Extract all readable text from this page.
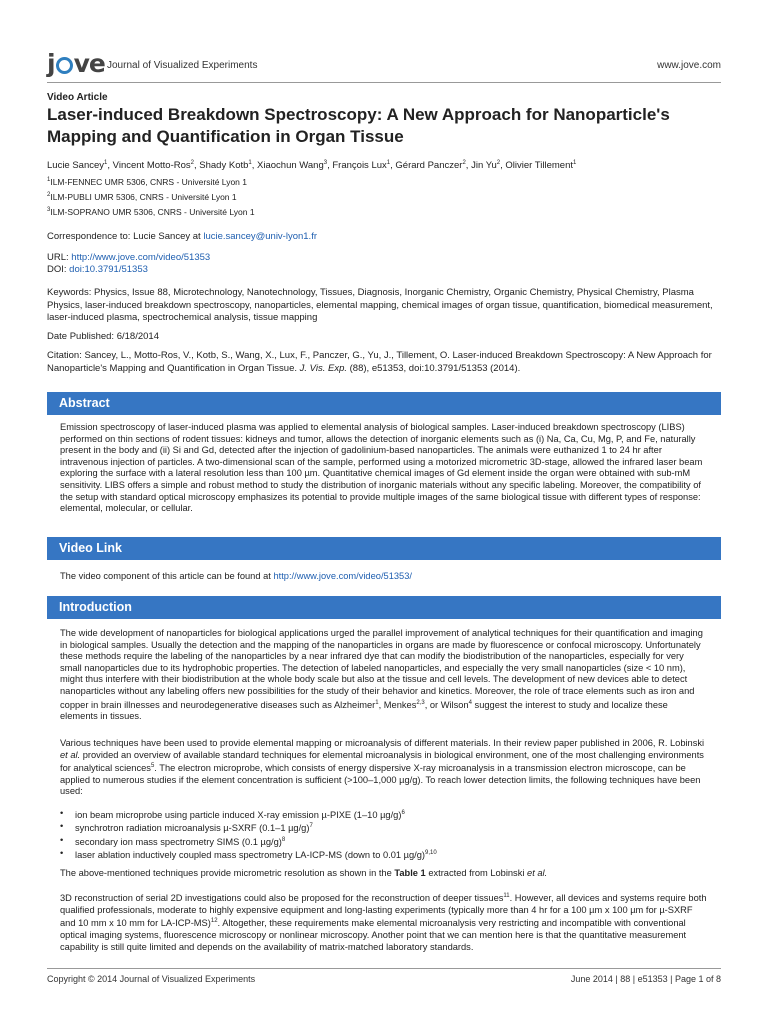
j ve Journal of Visualized Experiments	www.jove.com
Video Article
Laser-induced Breakdown Spectroscopy: A New Approach for Nanoparticle's Mapping and Quantification in Organ Tissue
Lucie Sancey$^1$, Vincent Motto-Ros$^2$, Shady Kotb$^1$, Xiaochun Wang$^3$, François Lux$^1$, Gérard Panczer$^2$, Jin Yu$^2$, Olivier Tillement$^1$
$^1$ILM-FENNEC UMR 5306, CNRS - Université Lyon 1
$^2$ILM-PUBLI UMR 5306, CNRS - Université Lyon 1
$^3$ILM-SOPRANO UMR 5306, CNRS - Université Lyon 1

Correspondence to: Lucie Sancey at lucie.sancey@univ-lyon1.fr

URL: http://www.jove.com/video/51353

DOI: doi:10.3791/51353

Keywords: Physics, Issue 88, Microtechnology, Nanotechnology, Tissues, Diagnosis, Inorganic Chemistry, Organic Chemistry, Physical Chemistry, Plasma Physics, laser-induced breakdown spectroscopy, nanoparticles, elemental mapping, chemical images of organ tissue, quantification, biomedical measurement, laser-induced plasma, spectrochemical analysis, tissue mapping

Date Published: 6/18/2014

Citation: Sancey, L., Motto-Ros, V., Kotb, S., Wang, X., Lux, F., Panczer, G., Yu, J., Tillement, O. Laser-induced Breakdown Spectroscopy: A New Approach for Nanoparticle's Mapping and Quantification in Organ Tissue. J. Vis. Exp. (88), e51353, doi:10.3791/51353 (2014).

Abstract

Emission spectroscopy of laser-induced plasma was applied to elemental analysis of biological samples. Laser-induced breakdown spectroscopy (LIBS) performed on thin sections of rodent tissues: kidneys and tumor, allows the detection of inorganic elements such as (i) Na, Ca, Cu, Mg, P, and Fe, naturally present in the body and (ii) Si and Gd, detected after the injection of gadolinium-based nanoparticles. The animals were euthanized 1 to 24 hr after intravenous injection of particles. A two-dimensional scan of the sample, performed using a motorized micrometric 3D-stage, allowed the infrared laser beam exploring the surface with a lateral resolution less than 100 µm. Quantitative chemical images of Gd element inside the organ were obtained with sub-mM sensitivity. LIBS offers a simple and robust method to study the distribution of inorganic materials without any specific labeling. Moreover, the compatibility of the setup with standard optical microscopy emphasizes its potential to provide multiple images of the same biological tissue with different types of response: elemental, molecular, or cellular.

Video Link

The video component of this article can be found at http://www.jove.com/video/51353/

Introduction

The wide development of nanoparticles for biological applications urged the parallel improvement of analytical techniques for their quantification and imaging in biological samples. Usually the detection and the mapping of the nanoparticles in organs are made by fluorescence or confocal microscopy. Unfortunately these methods require the labeling of the nanoparticles by a near infrared dye that can modify the biodistribution of the nanoparticles, especially for very small nanoparticles due to its hydrophobic properties. The detection of labeled nanoparticles, and especially the very small nanoparticles (size < 10 nm), might thus interfere with their biodistribution at the whole body scale but also at the tissue and cell levels. The development of new devices able to detect nanoparticles without any labeling offers new possibilities for the study of their behavior and kinetics. Moreover, the role of trace elements such as iron and copper in brain illnesses and neurodegenerative diseases such as Alzheimer$^1$, Menkes$^{2,3}$, or Wilson$^4$ suggest the interest to study and localize these elements in tissues.

Various techniques have been used to provide elemental mapping or microanalysis of different materials. In their review paper published in 2006, R. Lobinski et al. provided an overview of available standard techniques for elemental microanalysis in biological environment, one of the most challenging environments for analytical sciences$^5$. The electron microprobe, which consists of energy dispersive X-ray microanalysis in a transmission electron microscope, can be applied to numerous studies if the element concentration is sufficient (>100–1,000 µg/g). To reach lower detection limits, the following techniques have been used:

• ion beam microprobe using particle induced X-ray emission µ-PIXE (1–10 µg/g)$^6$
• synchrotron radiation microanalysis µ-SXRF (0.1–1 µg/g)$^7$
• secondary ion mass spectrometry SIMS (0.1 µg/g)$^8$
• laser ablation inductively coupled mass spectrometry LA-ICP-MS (down to 0.01 µg/g)$^{9,10}$

The above-mentioned techniques provide micrometric resolution as shown in the Table 1 extracted from Lobinski et al.

3D reconstruction of serial 2D investigations could also be proposed for the reconstruction of deeper tissues$^{11}$. However, all devices and systems require both qualified professionals, moderate to highly expensive equipment and long-lasting experiments (typically more than 4 hr for a 100 µm x 100 µm for µ-SXRF and 10 mm x 10 mm for LA-ICP-MS)$^{12}$. Altogether, these requirements make elemental microanalysis very restricting and incompatible with conventional optical imaging systems, fluorescence microscopy or nonlinear microscopy. Another point that we can mention here is that the quantitative measurement capability is still quite limited and depends on the availability of matrix-matched laboratory standards.

Copyright © 2014 Journal of Visualized Experiments	June 2014 | 88 | e51353 | Page 1 of 8
